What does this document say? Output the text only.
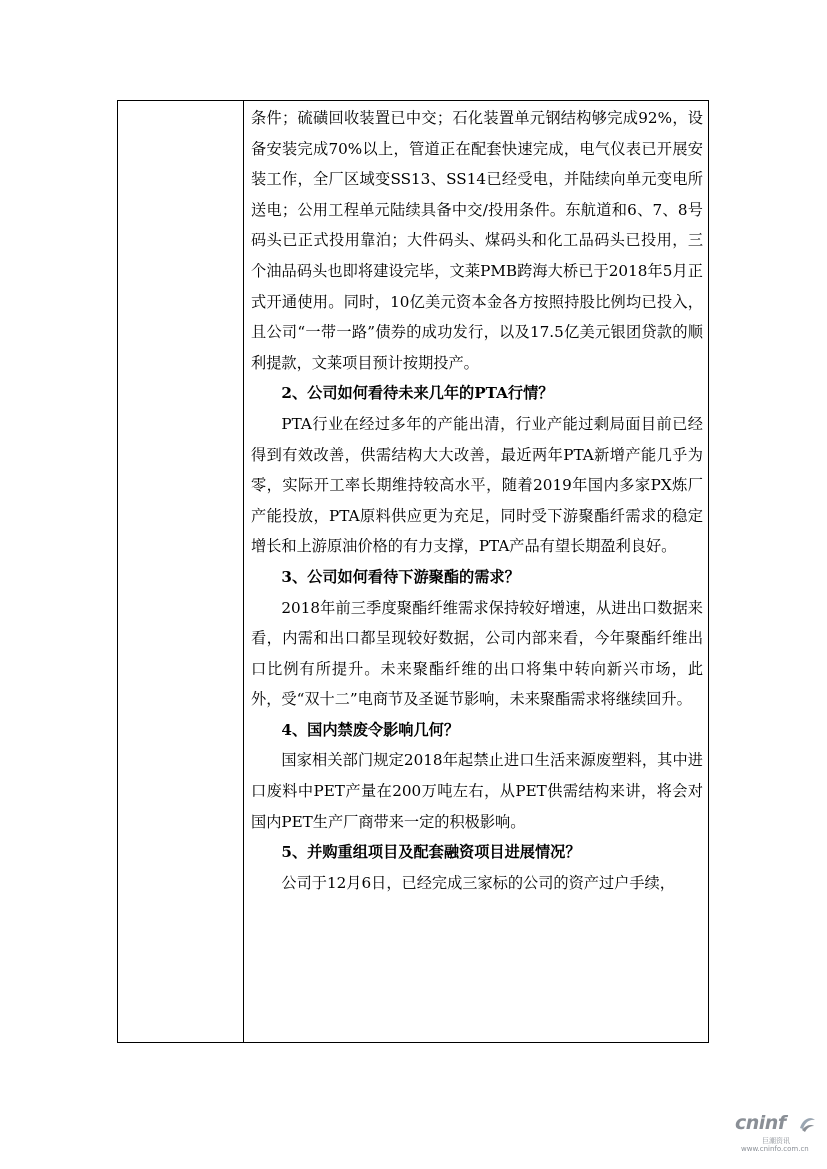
条件；硫磺回收装置已中交；石化装置单元钢结构够完成92%，设备安装完成70%以上，管道正在配套快速完成，电气仪表已开展安装工作，全厂区域变SS13、SS14已经受电，并陆续向单元变电所送电；公用工程单元陆续具备中交/投用条件。东航道和6、7、8号码头已正式投用靠泊；大件码头、煤码头和化工品码头已投用，三个油品码头也即将建设完毕，文莱PMB跨海大桥已于2018年5月正式开通使用。同时，10亿美元资本金各方按照持股比例均已投入，且公司“一带一路”债券的成功发行，以及17.5亿美元银团贷款的顺利提款，文莱项目预计按期投产。

2、公司如何看待未来几年的PTA行情？

PTA行业在经过多年的产能出清，行业产能过剩局面目前已经得到有效改善，供需结构大大改善，最近两年PTA新增产能几乎为零，实际开工率长期维持较高水平，随着2019年国内多家PX炼厂产能投放，PTA原料供应更为充足，同时受下游聚酯纤需求的稳定增长和上游原油价格的有力支撑，PTA产品有望长期盈利良好。

3、公司如何看待下游聚酯的需求？

2018年前三季度聚酯纤维需求保持较好增速，从进出口数据来看，内需和出口都呈现较好数据，公司内部来看，今年聚酯纤维出口比例有所提升。未来聚酯纤维的出口将集中转向新兴市场，此外，受“双十二”电商节及圣诞节影响，未来聚酯需求将继续回升。

4、国内禁废令影响几何？

国家相关部门规定2018年起禁止进口生活来源废塑料，其中进口废料中PET产量在200万吨左右，从PET供需结构来讲，将会对国内PET生产厂商带来一定的积极影响。

5、并购重组项目及配套融资项目进展情况？

公司于12月6日，已经完成三家标的公司的资产过户手续，

cninf
巨潮资讯
www.cninfo.com.cn
